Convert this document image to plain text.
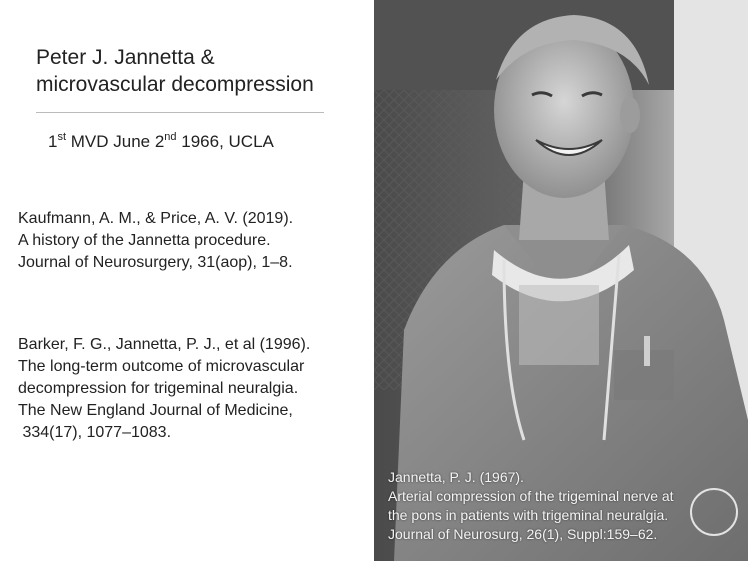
Peter J. Jannetta &
microvascular decompression
1st MVD June 2nd 1966, UCLA
Kaufmann, A. M., & Price, A. V. (2019).
A history of the Jannetta procedure.
Journal of Neurosurgery, 31(aop), 1–8.
Barker, F. G., Jannetta, P. J., et al (1996).
The long-term outcome of microvascular
decompression for trigeminal neuralgia.
The New England Journal of Medicine,
334(17), 1077–1083.
Jannetta, P. J. (1967).
Arterial compression of the trigeminal nerve at
the pons in patients with trigeminal neuralgia.
Journal of Neurosurg, 26(1), Suppl:159–62.
